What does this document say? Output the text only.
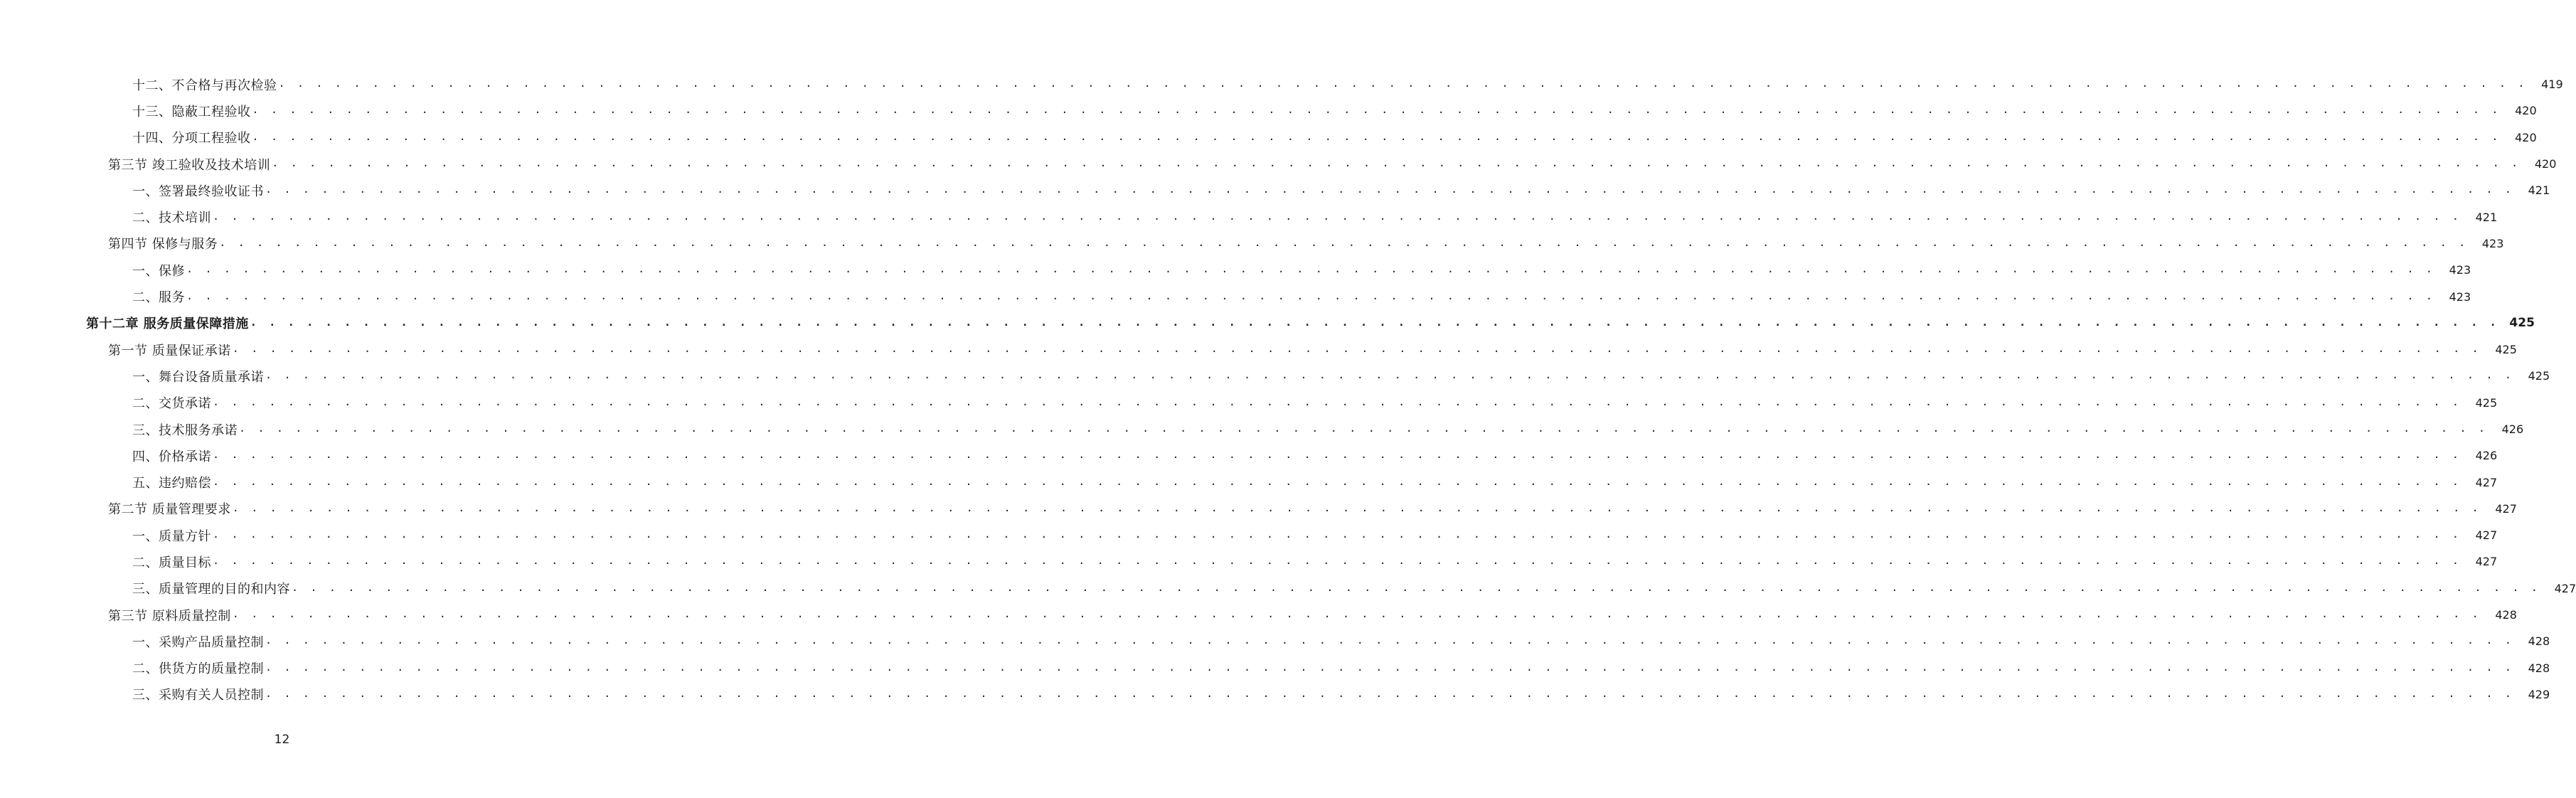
十二、不合格与再次检验 . . . . . . . . . . . . . . . . . . . . . . . . . . . . . . . . . . . . . . . . . . . . . . . . . . . . . . . . . . . . . . . . . . . . . . . . . . . . . . . . . . . . . . . . . . . . . . . . . . . . . . . . . . . . . . . . . . . . . . . .	419
十三、隐蔽工程验收 . . . . . . . . . . . . . . . . . . . . . . . . . . . . . . . . . . . . . . . . . . . . . . . . . . . . . . . . . . . . . . . . . . . . . . . . . . . . . . . . . . . . . . . . . . . . . . . . . . . . . . . . . . . . . . . . . . . . . . . .	420
十四、分项工程验收 . . . . . . . . . . . . . . . . . . . . . . . . . . . . . . . . . . . . . . . . . . . . . . . . . . . . . . . . . . . . . . . . . . . . . . . . . . . . . . . . . . . . . . . . . . . . . . . . . . . . . . . . . . . . . . . . . . . . . . . .	420
第三节 竣工验收及技术培训 . . . . . . . . . . . . . . . . . . . . . . . . . . . . . . . . . . . . . . . . . . . . . . . . . . . . . . . . . . . . . . . . . . . . . . . . . . . . . . . . . . . . . . . . . . . . . . . . . . . . . . . . . . . . . . . . . . . . . . . .	420
一、签署最终验收证书 . . . . . . . . . . . . . . . . . . . . . . . . . . . . . . . . . . . . . . . . . . . . . . . . . . . . . . . . . . . . . . . . . . . . . . . . . . . . . . . . . . . . . . . . . . . . . . . . . . . . . . . . . . . . . . . . . . . . . . . .	421
二、技术培训 . . . . . . . . . . . . . . . . . . . . . . . . . . . . . . . . . . . . . . . . . . . . . . . . . . . . . . . . . . . . . . . . . . . . . . . . . . . . . . . . . . . . . . . . . . . . . . . . . . . . . . . . . . . . . . . . . . . . . . . .	421
第四节 保修与服务 . . . . . . . . . . . . . . . . . . . . . . . . . . . . . . . . . . . . . . . . . . . . . . . . . . . . . . . . . . . . . . . . . . . . . . . . . . . . . . . . . . . . . . . . . . . . . . . . . . . . . . . . . . . . . . . . . . . . . . . .	423
一、保修 . . . . . . . . . . . . . . . . . . . . . . . . . . . . . . . . . . . . . . . . . . . . . . . . . . . . . . . . . . . . . . . . . . . . . . . . . . . . . . . . . . . . . . . . . . . . . . . . . . . . . . . . . . . . . . . . . . . . . . . .	423
二、服务 . . . . . . . . . . . . . . . . . . . . . . . . . . . . . . . . . . . . . . . . . . . . . . . . . . . . . . . . . . . . . . . . . . . . . . . . . . . . . . . . . . . . . . . . . . . . . . . . . . . . . . . . . . . . . . . . . . . . . . . .	423
第十二章 服务质量保障措施 . . . . . . . . . . . . . . . . . . . . . . . . . . . . . . . . . . . . . . . . . . . . . . . . . . . . . . . . . . . . . . . . . . . . . . . . . . . . . . . . . . . . . . . . . . . . . . . . . . . . . . . . . . . . . . . . . . . . . . . . 425
第一节 质量保证承诺 . . . . . . . . . . . . . . . . . . . . . . . . . . . . . . . . . . . . . . . . . . . . . . . . . . . . . . . . . . . . . . . . . . . . . . . . . . . . . . . . . . . . . . . . . . . . . . . . . . . . . . . . . . . . . . . . . . . . . . . .	425
一、舞台设备质量承诺 . . . . . . . . . . . . . . . . . . . . . . . . . . . . . . . . . . . . . . . . . . . . . . . . . . . . . . . . . . . . . . . . . . . . . . . . . . . . . . . . . . . . . . . . . . . . . . . . . . . . . . . . . . . . . . . . . . . . . . . .	425
二、交货承诺 . . . . . . . . . . . . . . . . . . . . . . . . . . . . . . . . . . . . . . . . . . . . . . . . . . . . . . . . . . . . . . . . . . . . . . . . . . . . . . . . . . . . . . . . . . . . . . . . . . . . . . . . . . . . . . . . . . . . . . . .	425
三、技术服务承诺 . . . . . . . . . . . . . . . . . . . . . . . . . . . . . . . . . . . . . . . . . . . . . . . . . . . . . . . . . . . . . . . . . . . . . . . . . . . . . . . . . . . . . . . . . . . . . . . . . . . . . . . . . . . . . . . . . . . . . . . .	426
四、价格承诺 . . . . . . . . . . . . . . . . . . . . . . . . . . . . . . . . . . . . . . . . . . . . . . . . . . . . . . . . . . . . . . . . . . . . . . . . . . . . . . . . . . . . . . . . . . . . . . . . . . . . . . . . . . . . . . . . . . . . . . . .	426
五、违约赔偿 . . . . . . . . . . . . . . . . . . . . . . . . . . . . . . . . . . . . . . . . . . . . . . . . . . . . . . . . . . . . . . . . . . . . . . . . . . . . . . . . . . . . . . . . . . . . . . . . . . . . . . . . . . . . . . . . . . . . . . . .	427
第二节 质量管理要求 . . . . . . . . . . . . . . . . . . . . . . . . . . . . . . . . . . . . . . . . . . . . . . . . . . . . . . . . . . . . . . . . . . . . . . . . . . . . . . . . . . . . . . . . . . . . . . . . . . . . . . . . . . . . . . . . . . . . . . . .	427
一、质量方针 . . . . . . . . . . . . . . . . . . . . . . . . . . . . . . . . . . . . . . . . . . . . . . . . . . . . . . . . . . . . . . . . . . . . . . . . . . . . . . . . . . . . . . . . . . . . . . . . . . . . . . . . . . . . . . . . . . . . . . . .	427
二、质量目标 . . . . . . . . . . . . . . . . . . . . . . . . . . . . . . . . . . . . . . . . . . . . . . . . . . . . . . . . . . . . . . . . . . . . . . . . . . . . . . . . . . . . . . . . . . . . . . . . . . . . . . . . . . . . . . . . . . . . . . . .	427
三、质量管理的目的和内容 . . . . . . . . . . . . . . . . . . . . . . . . . . . . . . . . . . . . . . . . . . . . . . . . . . . . . . . . . . . . . . . . . . . . . . . . . . . . . . . . . . . . . . . . . . . . . . . . . . . . . . . . . . . . . . . . . . . . . . . .	427
第三节 原料质量控制 . . . . . . . . . . . . . . . . . . . . . . . . . . . . . . . . . . . . . . . . . . . . . . . . . . . . . . . . . . . . . . . . . . . . . . . . . . . . . . . . . . . . . . . . . . . . . . . . . . . . . . . . . . . . . . . . . . . . . . . .	428
一、采购产品质量控制 . . . . . . . . . . . . . . . . . . . . . . . . . . . . . . . . . . . . . . . . . . . . . . . . . . . . . . . . . . . . . . . . . . . . . . . . . . . . . . . . . . . . . . . . . . . . . . . . . . . . . . . . . . . . . . . . . . . . . . . .	428
二、供货方的质量控制 . . . . . . . . . . . . . . . . . . . . . . . . . . . . . . . . . . . . . . . . . . . . . . . . . . . . . . . . . . . . . . . . . . . . . . . . . . . . . . . . . . . . . . . . . . . . . . . . . . . . . . . . . . . . . . . . . . . . . . . .	428
三、采购有关人员控制 . . . . . . . . . . . . . . . . . . . . . . . . . . . . . . . . . . . . . . . . . . . . . . . . . . . . . . . . . . . . . . . . . . . . . . . . . . . . . . . . . . . . . . . . . . . . . . . . . . . . . . . . . . . . . . . . . . . . . . . .	429
12
